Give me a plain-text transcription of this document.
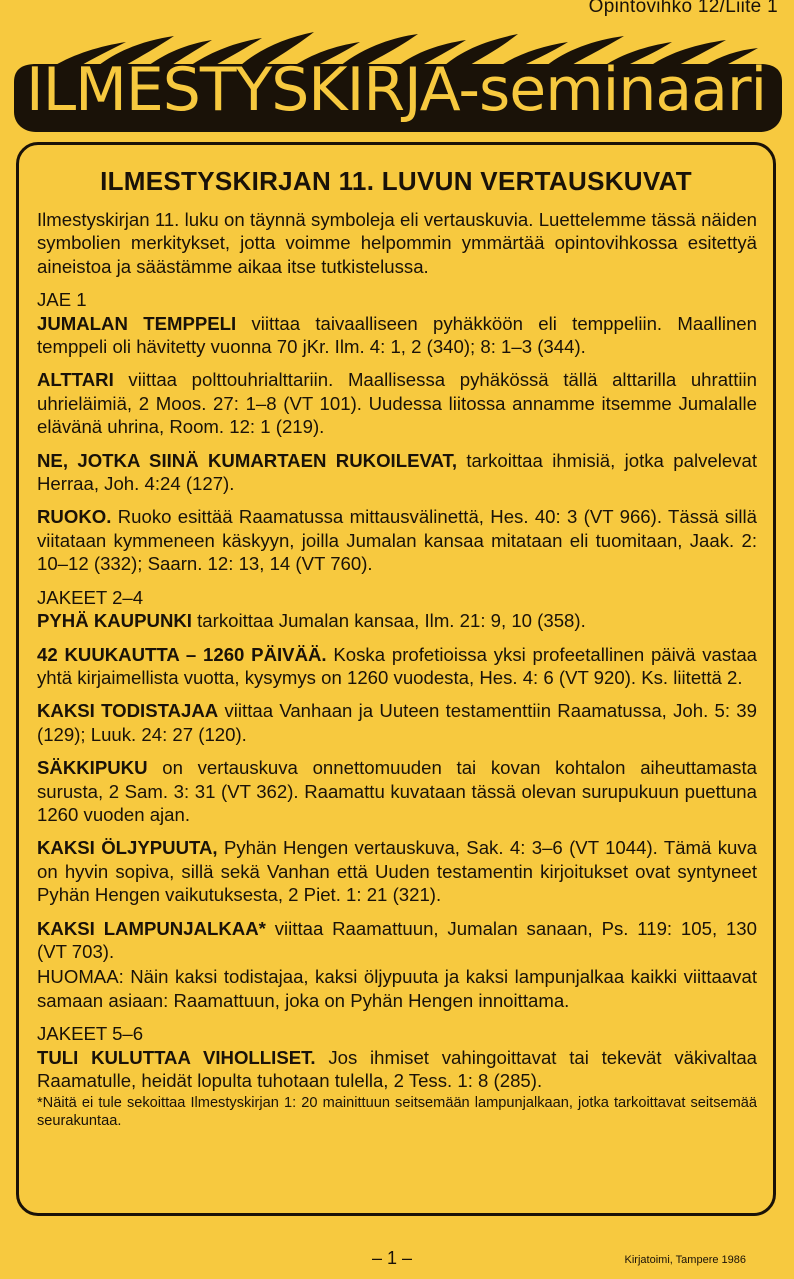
Opintovihko 12/Liite 1
ILMESTYSKIRJA-seminaari
ILMESTYSKIRJAN 11. LUVUN VERTAUSKUVAT

Ilmestyskirjan 11. luku on täynnä symboleja eli vertauskuvia. Luettelemme tässä näiden symbolien merkitykset, jotta voimme helpommin ymmärtää opintovihkossa esitettyä aineistoa ja säästämme aikaa itse tutkistelussa.

JAE 1

JUMALAN TEMPPELI viittaa taivaalliseen pyhäkköön eli temppeliin. Maallinen temppeli oli hävitetty vuonna 70 jKr. Ilm. 4: 1, 2 (340); 8: 1–3 (344).

ALTTARI viittaa polttouhrialttariin. Maallisessa pyhäkössä tällä alttarilla uhrattiin uhrieläimiä, 2 Moos. 27: 1–8 (VT 101). Uudessa liitossa annamme itsemme Jumalalle elävänä uhrina, Room. 12: 1 (219).

NE, JOTKA SIINÄ KUMARTAEN RUKOILEVAT, tarkoittaa ihmisiä, jotka palvelevat Herraa, Joh. 4:24 (127).

RUOKO. Ruoko esittää Raamatussa mittausvälinettä, Hes. 40: 3 (VT 966). Tässä sillä viitataan kymmeneen käskyyn, joilla Jumalan kansaa mitataan eli tuomitaan, Jaak. 2: 10–12 (332); Saarn. 12: 13, 14 (VT 760).

JAKEET 2–4

PYHÄ KAUPUNKI tarkoittaa Jumalan kansaa, Ilm. 21: 9, 10 (358).

42 KUUKAUTTA – 1260 PÄIVÄÄ. Koska profetioissa yksi profeetallinen päivä vastaa yhtä kirjaimellista vuotta, kysymys on 1260 vuodesta, Hes. 4: 6 (VT 920). Ks. liitettä 2.

KAKSI TODISTAJAA viittaa Vanhaan ja Uuteen testamenttiin Raamatussa, Joh. 5: 39 (129); Luuk. 24: 27 (120).

SÄKKIPUKU on vertauskuva onnettomuuden tai kovan kohtalon aiheuttamasta surusta, 2 Sam. 3: 31 (VT 362). Raamattu kuvataan tässä olevan surupukuun puettuna 1260 vuoden ajan.

KAKSI ÖLJYPUUTA, Pyhän Hengen vertauskuva, Sak. 4: 3–6 (VT 1044). Tämä kuva on hyvin sopiva, sillä sekä Vanhan että Uuden testamentin kirjoitukset ovat syntyneet Pyhän Hengen vaikutuksesta, 2 Piet. 1: 21 (321).

KAKSI LAMPUNJALKAA* viittaa Raamattuun, Jumalan sanaan, Ps. 119: 105, 130 (VT 703).

HUOMAA: Näin kaksi todistajaa, kaksi öljypuuta ja kaksi lampunjalkaa kaikki viittaavat samaan asiaan: Raamattuun, joka on Pyhän Hengen innoittama.

JAKEET 5–6

TULI KULUTTAA VIHOLLISET. Jos ihmiset vahingoittavat tai tekevät väkivaltaa Raamatulle, heidät lopulta tuhotaan tulella, 2 Tess. 1: 8 (285).

*Näitä ei tule sekoittaa Ilmestyskirjan 1: 20 mainittuun seitsemään lampunjalkaan, jotka tarkoittavat seitsemää seurakuntaa.

– 1 –	Kirjatoimi, Tampere 1986
